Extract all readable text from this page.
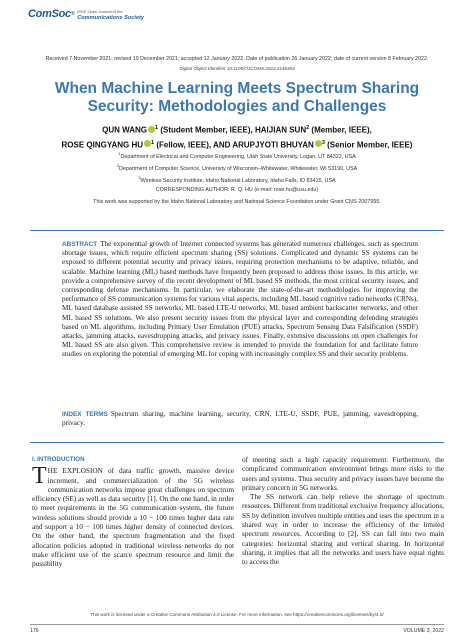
ComSoc® IEEE Open Journal of the
Communications Society
Received 7 November 2021; revised 19 December 2021; accepted 12 January 2022. Date of publication 26 January 2022; date of current version 8 February 2022.
Digital Object Identifier 10.1109/OJCOMS.2022.3146364
When Machine Learning Meets Spectrum Sharing
Security: Methodologies and Challenges
QUN WANG $^1$ (Student Member, IEEE), HAIJIAN SUN$^2$ (Member, IEEE),
ROSE QINGYANG HU $^1$ (Fellow, IEEE), AND ARUPJYOTI BHUYAN $^3$ (Senior Member, IEEE)
$^1$Department of Electrical and Computer Engineering, Utah State University, Logan, UT 84322, USA
$^2$Department of Computer Science, University of Wisconsin–Whitewater, Whitewater, WI 53190, USA
$^3$Wireless Security Institute, Idaho National Laboratory, Idaho Falls, ID 83415, USA
CORRESPONDING AUTHOR: R. Q. HU (e-mail: rose.hu@usu.edu)
This work was supported by the Idaho National Laboratory and National Science Foundation under Grant CNS-2007995.
ABSTRACT The exponential growth of Internet connected systems has generated numerous challenges, such as spectrum shortage issues, which require efficient spectrum sharing (SS) solutions. Complicated and dynamic SS systems can be exposed to different potential security and privacy issues, requiring protection mechanisms to be adaptive, reliable, and scalable. Machine learning (ML) based methods have frequently been proposed to address those issues. In this article, we provide a comprehensive survey of the recent development of ML based SS methods, the most critical security issues, and corresponding defense mechanisms. In particular, we elaborate the state-of-the-art methodologies for improving the performance of SS communication systems for various vital aspects, including ML based cognitive radio networks (CRNs), ML based database assisted SS networks, ML based LTE-U networks, ML based ambient backscatter networks, and other ML based SS solutions. We also present security issues from the physical layer and corresponding defending strategies based on ML algorithms, including Primary User Emulation (PUE) attacks, Spectrum Sensing Data Falsification (SSDF) attacks, jamming attacks, eavesdropping attacks, and privacy issues. Finally, extensive discussions on open challenges for ML based SS are also given. This comprehensive review is intended to provide the foundation for and facilitate future studies on exploring the potential of emerging ML for coping with increasingly complex SS and their security problems.
INDEX TERMS Spectrum sharing, machine learning, security, CRN, LTE-U, SSDF, PUE, jamming, eavesdropping, privacy.
I. INTRODUCTION

THE EXPLOSION of data traffic growth, massive device increment, and commercialization of the 5G wireless communication networks impose great challenges on spectrum efficiency (SE) as well as data security [1]. On the one hand, in order to meet requirements in the 5G communication system, the future wireless solutions should provide a 10 − 100 times higher data rate and support a 10 − 100 times higher density of connected devices. On the other hand, the spectrum fragmentation and the fixed allocation policies adopted in traditional wireless networks do not make efficient use of the scarce spectrum resource and limit the possibility

of meeting such a high capacity requirement. Furthermore, the complicated communication environment brings more risks to the users and systems. Thus security and privacy issues have become the primary concern in 5G networks.

The SS network can help relieve the shortage of spectrum resources. Different from traditional exclusive frequency allocations, SS by definition involves multiple entities and uses the spectrum in a shared way in order to increase the efficiency of the limited spectrum resources. According to [2], SS can fall into two main categories: horizontal sharing and vertical sharing. In horizontal sharing, it implies that all the networks and users have equal rights to access the

This work is licensed under a Creative Commons Attribution 4.0 License. For more information, see https://creativecommons.org/licenses/by/4.0/
176	VOLUME 3, 2022
